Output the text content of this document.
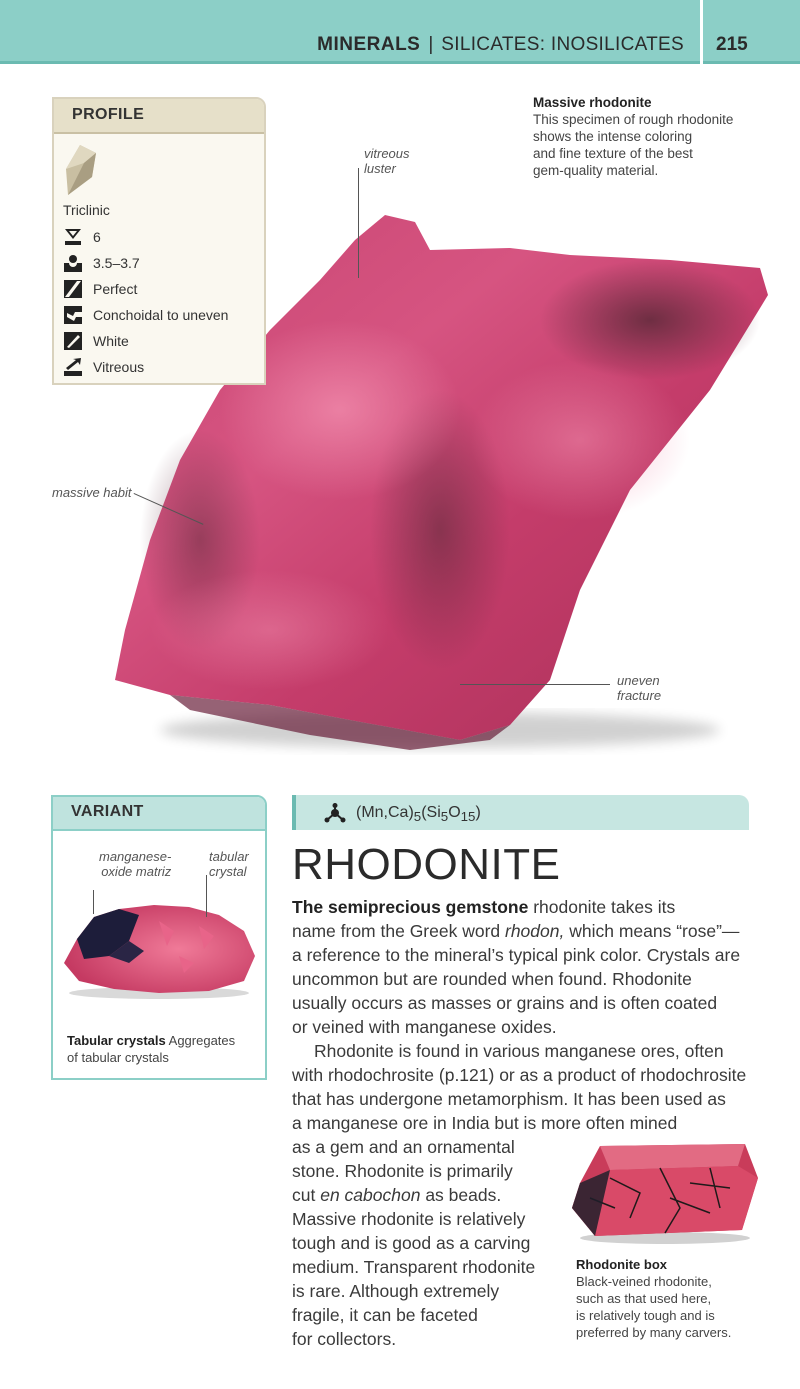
MINERALS | SILICATES: INOSILICATES 215
vitreous
luster
massive habit
uneven
fracture
Massive rhodonite
This specimen of rough rhodonite
shows the intense coloring
and fine texture of the best
gem-quality material.
PROFILE
Triclinic
6
3.5–3.7
Perfect
Conchoidal to uneven
White
Vitreous
VARIANT
manganese-
oxide matriz
tabular
crystal
Tabular crystals Aggregates
of tabular crystals
$(Mn,Ca)_5(Si_5O_{15})$
RHODONITE
The semiprecious gemstone rhodonite takes its
name from the Greek word rhodon, which means “rose”—
a reference to the mineral’s typical pink color. Crystals are
uncommon but are rounded when found. Rhodonite
usually occurs as masses or grains and is often coated
or veined with manganese oxides.
Rhodonite is found in various manganese ores, often
with rhodochrosite (p.121) or as a product of rhodochrosite
that has undergone metamorphism. It has been used as
a manganese ore in India but is more often mined
as a gem and an ornamental
stone. Rhodonite is primarily
cut en cabochon as beads.
Massive rhodonite is relatively
tough and is good as a carving
medium. Transparent rhodonite
is rare. Although extremely
fragile, it can be faceted
for collectors.
Rhodonite box
Black-veined rhodonite,
such as that used here,
is relatively tough and is
preferred by many carvers.
